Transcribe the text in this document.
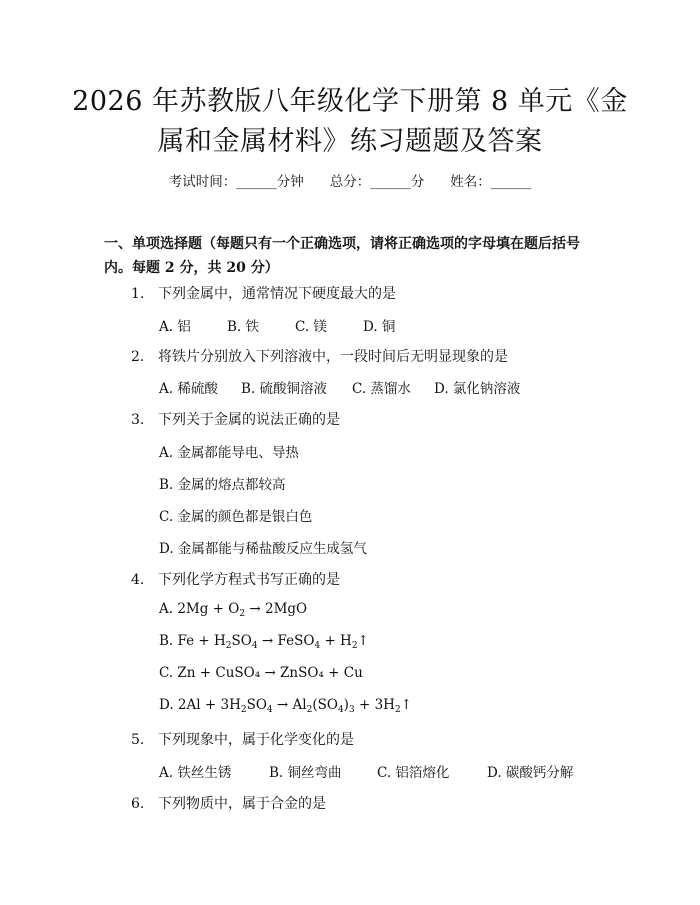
2026 年苏教版八年级化学下册第 8 单元《金
属和金属材料》练习题题及答案
考试时间：______分钟 总分：______分 姓名：______
一、单项选择题（每题只有一个正确选项，请将正确选项的字母填在题后括号
内。每题 2 分，共 20 分）
1. 下列金属中，通常情况下硬度最大的是
A. 铝	B. 铁	C. 镁	D. 铜
2. 将铁片分别放入下列溶液中，一段时间后无明显现象的是
A. 稀硫酸 B. 硫酸铜溶液 C. 蒸馏水 D. 氯化钠溶液
3. 下列关于金属的说法正确的是
A. 金属都能导电、导热
B. 金属的熔点都较高
C. 金属的颜色都是银白色
D. 金属都能与稀盐酸反应生成氢气
4. 下列化学方程式书写正确的是
A. $2Mg + O_2 \to 2MgO$
B. $Fe + H_2SO_4$ → FeSO$_4$ + $H_2↑$
C. Zn + CuSO₄ → ZnSO₄ + Cu
D. $2Al + 3H_2SO_4 \to Al_2(SO_4)_3$ + $3H_2↑$
5. 下列现象中，属于化学变化的是
A. 铁丝生锈	B. 铜丝弯曲	C. 铝箔熔化	D. 碳酸钙分解
6. 下列物质中，属于合金的是
